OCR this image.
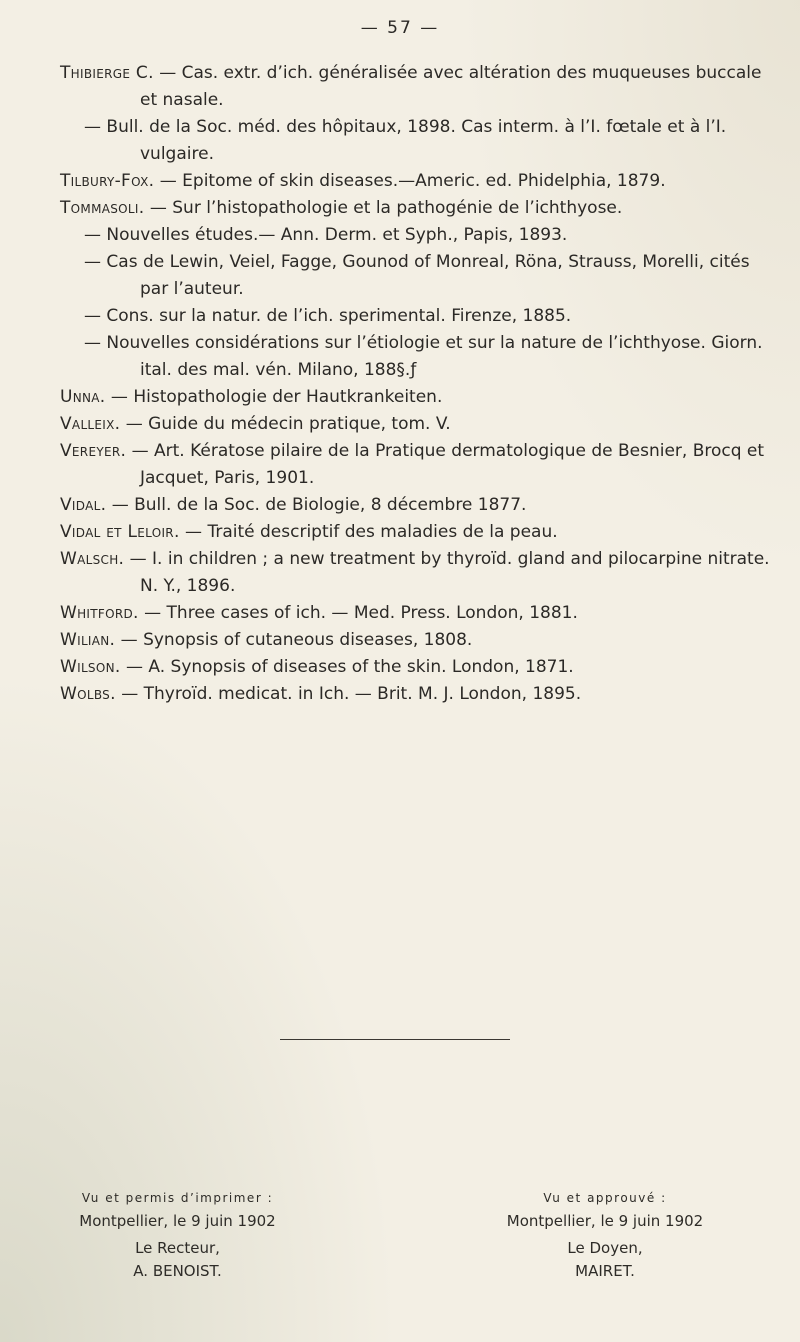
— 57 —

Thibierge C. — Cas. extr. d’ich. généralisée avec altération des muqueuses buccale et nasale.

— Bull. de la Soc. méd. des hôpitaux, 1898. Cas interm. à l’I. fœtale et à l’I. vulgaire.

Tilbury-Fox. — Epitome of skin diseases.—Americ. ed. Phidelphia, 1879.

Tommasoli. — Sur l’histopathologie et la pathogénie de l’ichthyose.

— Nouvelles études.— Ann. Derm. et Syph., Papis, 1893.

— Cas de Lewin, Veiel, Fagge, Gounod of Monreal, Röna, Strauss, Morelli, cités par l’auteur.

— Cons. sur la natur. de l’ich. sperimental. Firenze, 1885.

— Nouvelles considérations sur l’étiologie et sur la nature de l’ichthyose. Giorn. ital. des mal. vén. Milano, 188§.ƒ

Unna. — Histopathologie der Hautkrankeiten.

Valleix. — Guide du médecin pratique, tom. V.

Vereyer. — Art. Kératose pilaire de la Pratique dermatologique de Besnier, Brocq et Jacquet, Paris, 1901.

Vidal. — Bull. de la Soc. de Biologie, 8 décembre 1877.

Vidal et Leloir. — Traité descriptif des maladies de la peau.

Walsch. — I. in children ; a new treatment by thyroïd. gland and pilocarpine nitrate. N. Y., 1896.

Whitford. — Three cases of ich. — Med. Press. London, 1881.

Wilian. — Synopsis of cutaneous diseases, 1808.

Wilson. — A. Synopsis of diseases of the skin. London, 1871.

Wolbs. — Thyroïd. medicat. in Ich. — Brit. M. J. London, 1895.

Vu et permis d’imprimer :
Montpellier, le 9 juin 1902
Le Recteur,
A. BENOIST.
Vu et approuvé :
Montpellier, le 9 juin 1902
Le Doyen,
MAIRET.
